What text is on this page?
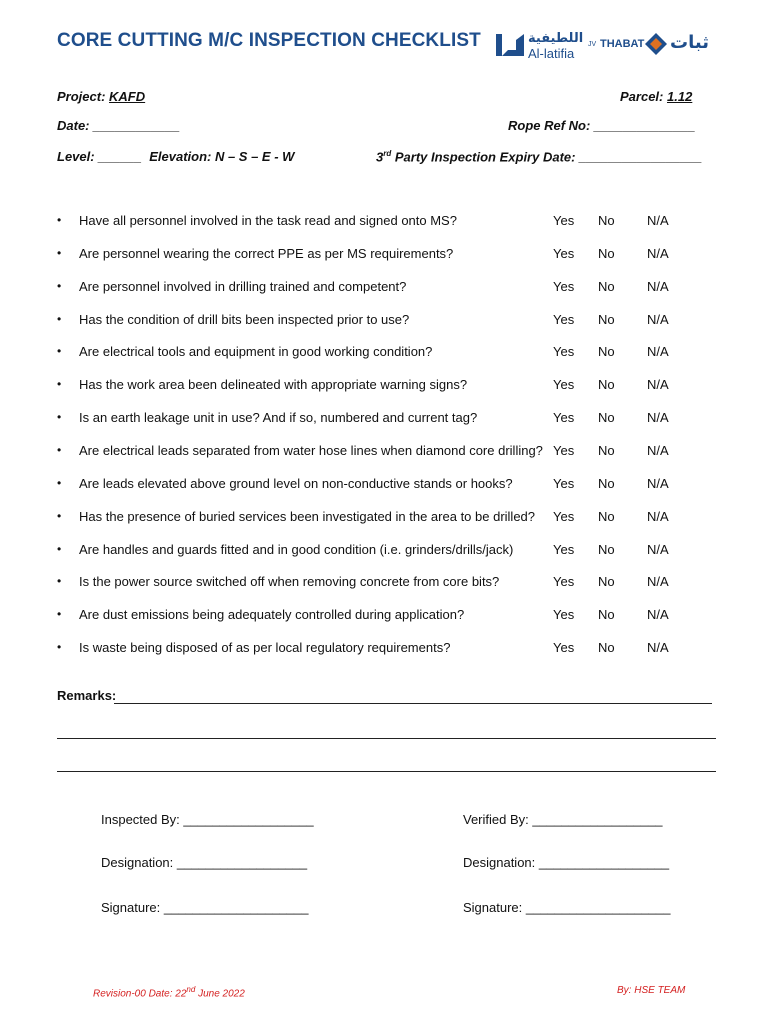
CORE CUTTING M/C INSPECTION CHECKLIST	اللطيفية
Al-latifia
JV THABAT ثبات
Project: KAFD	Parcel: 1.12
Date: ____________	Rope Ref No: ______________
Level: ______ Elevation: N – S – E - W	3rd Party Inspection Expiry Date: _________________
• Have all personnel involved in the task read and signed onto MS?	Yes No N/A
• Are personnel wearing the correct PPE as per MS requirements?	Yes No N/A
• Are personnel involved in drilling trained and competent?	Yes No N/A
• Has the condition of drill bits been inspected prior to use?	Yes No N/A
• Are electrical tools and equipment in good working condition?	Yes No N/A
• Has the work area been delineated with appropriate warning signs?	Yes No N/A
• Is an earth leakage unit in use? And if so, numbered and current tag?	Yes No N/A
• Are electrical leads separated from water hose lines when diamond core drilling? Yes No N/A
• Are leads elevated above ground level on non-conductive stands or hooks?	Yes No N/A
• Has the presence of buried services been investigated in the area to be drilled? Yes No N/A
• Are handles and guards fitted and in good condition (i.e. grinders/drills/jack)	Yes No N/A
• Is the power source switched off when removing concrete from core bits?	Yes No N/A
• Are dust emissions being adequately controlled during application?	Yes No N/A
• Is waste being disposed of as per local regulatory requirements?	Yes No N/A
Remarks:
Inspected By: __________________	Verified By: __________________
Designation: __________________	Designation: __________________
Signature: ____________________	Signature: ____________________
Revision-00 Date: 22nd June 2022	By: HSE TEAM
